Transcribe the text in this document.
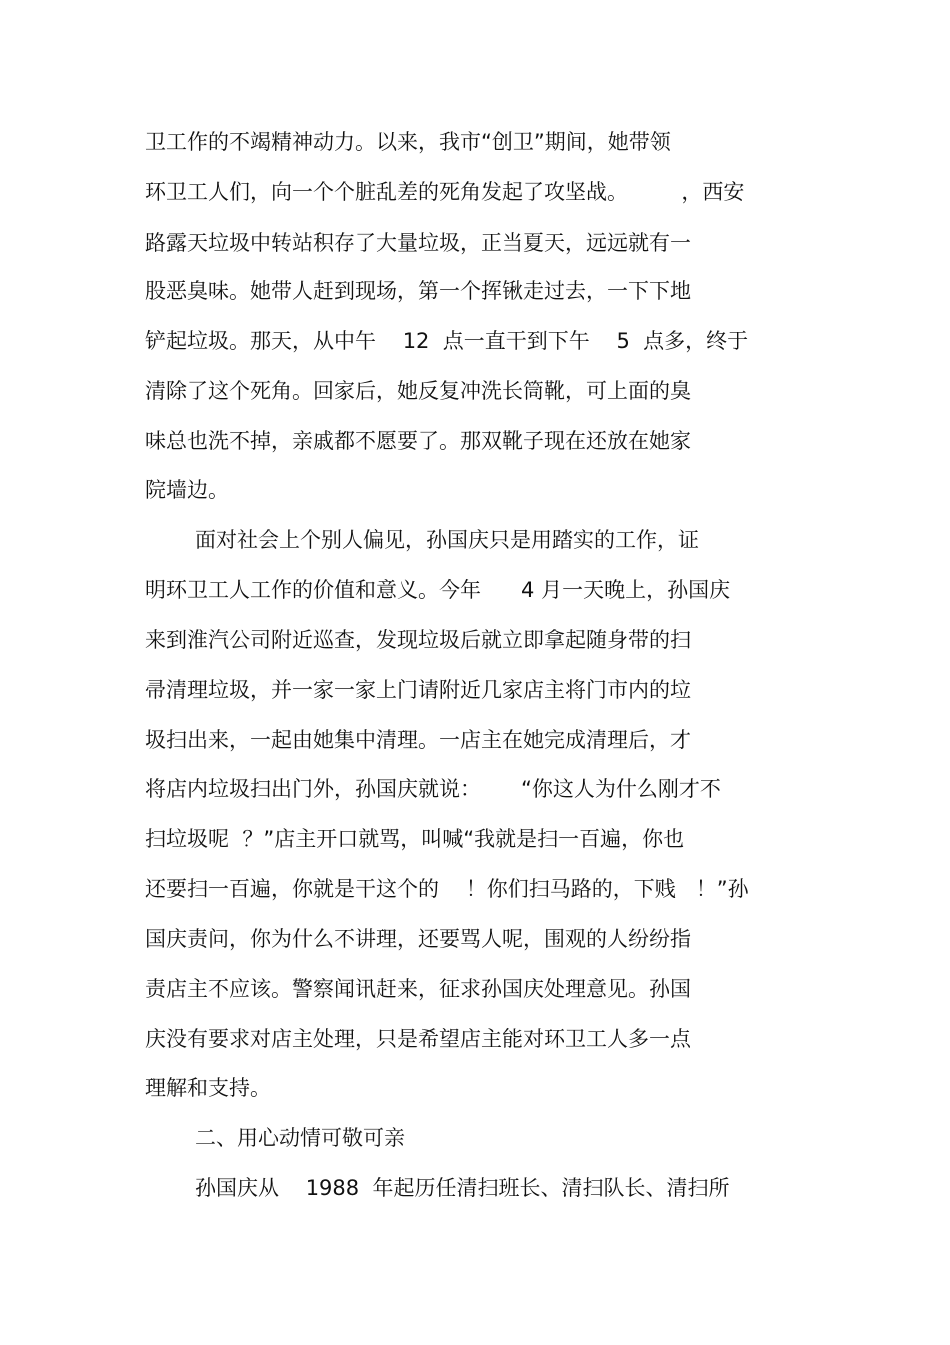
卫工作的不竭精神动力。以来，我市“创卫”期间，她带领

环卫工人们，向一个个脏乱差的死角发起了攻坚战。        ，西安

路露天垃圾中转站积存了大量垃圾，正当夏天，远远就有一

股恶臭味。她带人赶到现场，第一个挥锹走过去，一下下地

铲起垃圾。那天，从中午    12  点一直干到下午    5  点多，终于

清除了这个死角。回家后，她反复冲洗长筒靴，可上面的臭

味总也洗不掉，亲戚都不愿要了。那双靴子现在还放在她家

院墙边。

面对社会上个别人偏见，孙国庆只是用踏实的工作，证

明环卫工人工作的价值和意义。今年      4 月一天晚上，孙国庆

来到淮汽公司附近巡查，发现垃圾后就立即拿起随身带的扫

帚清理垃圾，并一家一家上门请附近几家店主将门市内的垃

圾扫出来，一起由她集中清理。一店主在她完成清理后，才

将店内垃圾扫出门外，孙国庆就说：      “你这人为什么刚才不

扫垃圾呢  ？”店主开口就骂，叫喊“我就是扫一百遍，你也

还要扫一百遍，你就是干这个的    ！你们扫马路的，下贱   ！”孙

国庆责问，你为什么不讲理，还要骂人呢，围观的人纷纷指

责店主不应该。警察闻讯赶来，征求孙国庆处理意见。孙国

庆没有要求对店主处理，只是希望店主能对环卫工人多一点

理解和支持。

二、用心动情可敬可亲

孙国庆从    1988  年起历任清扫班长、清扫队长、清扫所
